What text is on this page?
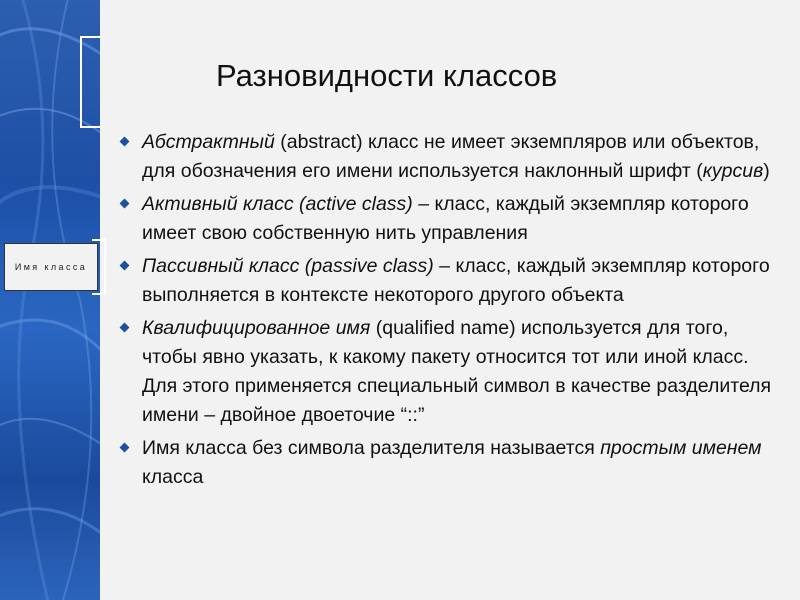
Разновидности классов
Имя класса
Абстрактный (abstract) класс не имеет экземпляров или объектов, для обозначения его имени используется наклонный шрифт (курсив)
Активный класс (active class) – класс, каждый экземпляр которого имеет свою собственную нить управления
Пассивный класс (passive class) – класс, каждый экземпляр которого выполняется в контексте некоторого другого объекта
Квалифицированное имя (qualified name) используется для того, чтобы явно указать, к какому пакету относится тот или иной класс. Для этого применяется специальный символ в качестве разделителя имени – двойное двоеточие “::”
Имя класса без символа разделителя называется простым именем класса
